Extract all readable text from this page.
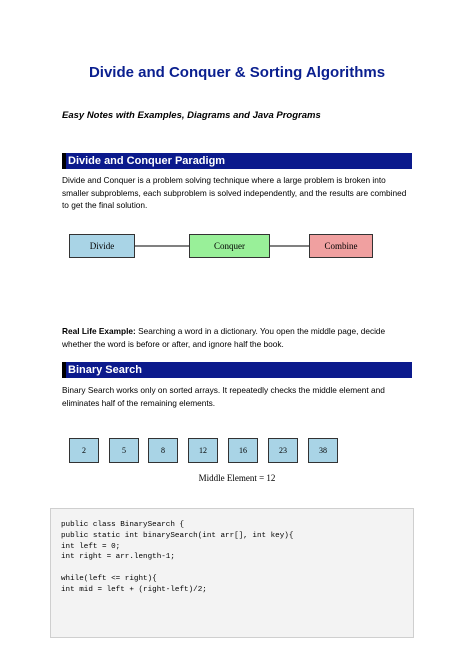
Divide and Conquer & Sorting Algorithms
Easy Notes with Examples, Diagrams and Java Programs
Divide and Conquer Paradigm
Divide and Conquer is a problem solving technique where a large problem is broken into smaller subproblems, each subproblem is solved independently, and the results are combined to get the final solution.
Divide	Conquer	Combine
Real Life Example: Searching a word in a dictionary. You open the middle page, decide whether the word is before or after, and ignore half the book.
Binary Search
Binary Search works only on sorted arrays. It repeatedly checks the middle element and eliminates half of the remaining elements.
2	5	8	12	16	23	38
Middle Element = 12
public class BinarySearch {
public static int binarySearch(int arr[], int key){
int left = 0;
int right = arr.length-1;
while(left <= right){
int mid = left + (right-left)/2;
